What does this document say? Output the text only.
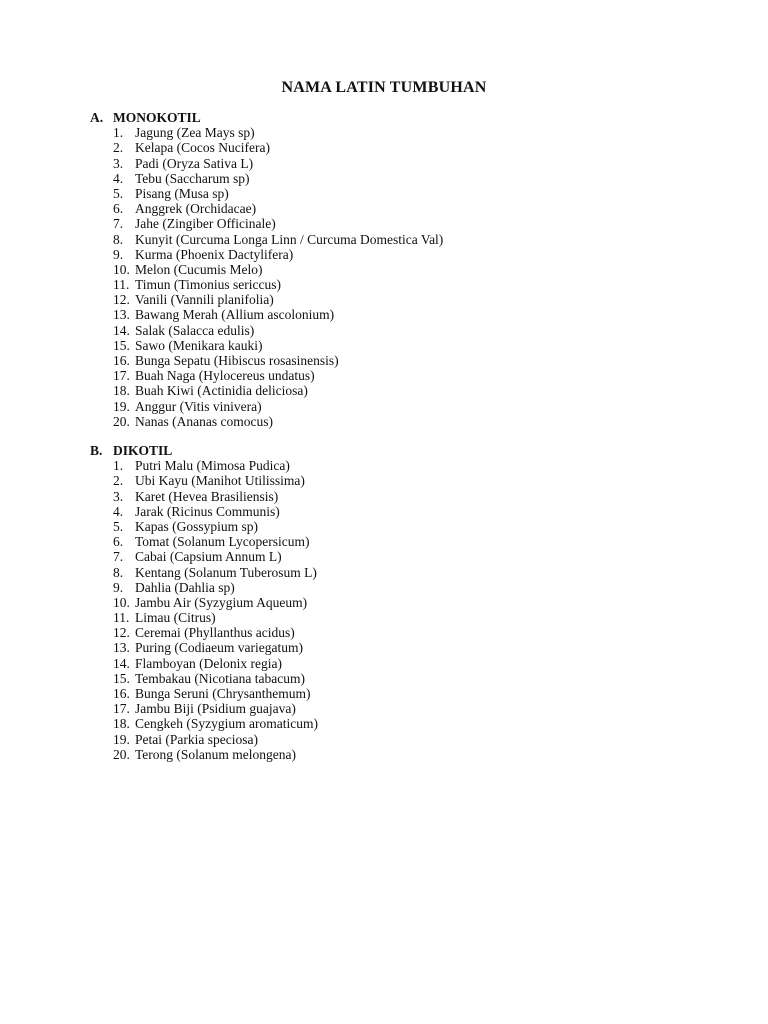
NAMA LATIN TUMBUHAN
A. MONOKOTIL
1. Jagung (Zea Mays sp)
2. Kelapa (Cocos Nucifera)
3. Padi (Oryza Sativa L)
4. Tebu (Saccharum sp)
5. Pisang (Musa sp)
6. Anggrek (Orchidacae)
7. Jahe (Zingiber Officinale)
8. Kunyit (Curcuma Longa Linn / Curcuma Domestica Val)
9. Kurma (Phoenix Dactylifera)
10. Melon (Cucumis Melo)
11. Timun (Timonius sericcus)
12. Vanili (Vannili planifolia)
13. Bawang Merah (Allium ascolonium)
14. Salak (Salacca edulis)
15. Sawo (Menikara kauki)
16. Bunga Sepatu (Hibiscus rosasinensis)
17. Buah Naga (Hylocereus undatus)
18. Buah Kiwi (Actinidia deliciosa)
19. Anggur (Vitis vinivera)
20. Nanas (Ananas comocus)
B. DIKOTIL
1. Putri Malu (Mimosa Pudica)
2. Ubi Kayu (Manihot Utilissima)
3. Karet (Hevea Brasiliensis)
4. Jarak (Ricinus Communis)
5. Kapas (Gossypium sp)
6. Tomat (Solanum Lycopersicum)
7. Cabai (Capsium Annum L)
8. Kentang (Solanum Tuberosum L)
9. Dahlia (Dahlia sp)
10. Jambu Air (Syzygium Aqueum)
11. Limau (Citrus)
12. Ceremai (Phyllanthus acidus)
13. Puring (Codiaeum variegatum)
14. Flamboyan (Delonix regia)
15. Tembakau (Nicotiana tabacum)
16. Bunga Seruni (Chrysanthemum)
17. Jambu Biji (Psidium guajava)
18. Cengkeh (Syzygium aromaticum)
19. Petai (Parkia speciosa)
20. Terong (Solanum melongena)
